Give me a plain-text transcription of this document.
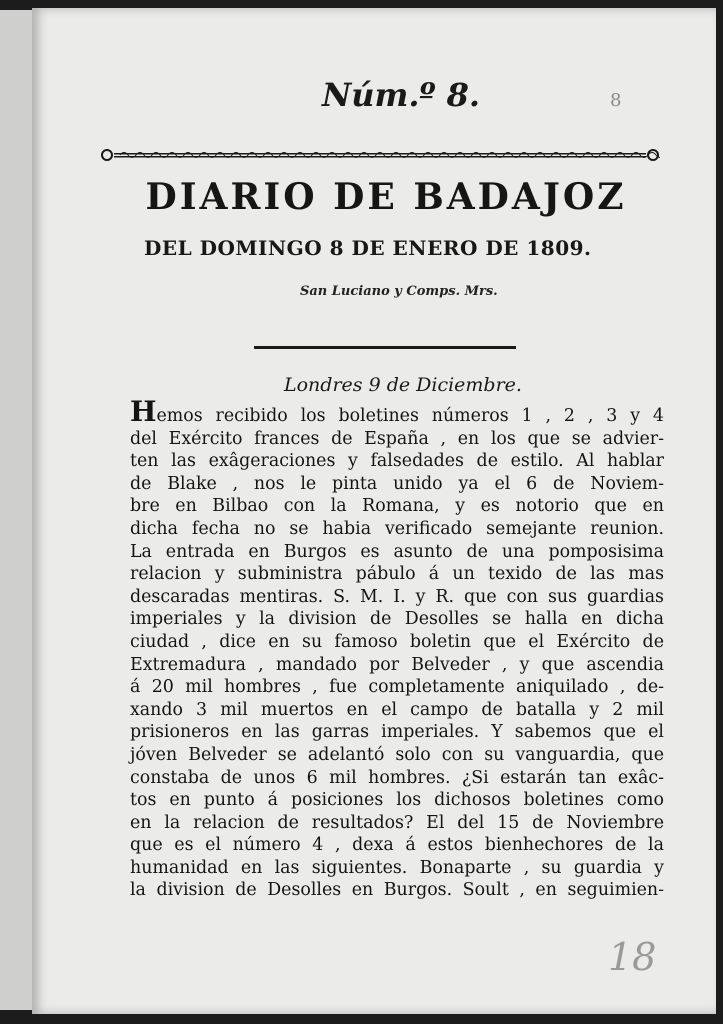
8
Núm.º 8.
DIARIO DE BADAJOZ
DEL DOMINGO 8 DE ENERO DE 1809.
San Luciano y Comps. Mrs.
Londres 9 de Diciembre.
Hemos recibido los boletines números 1 , 2 , 3 y 4
del Exército frances de España , en los que se advier-
ten las exâgeraciones y falsedades de estilo. Al hablar
de Blake , nos le pinta unido ya el 6 de Noviem-
bre en Bilbao con la Romana, y es notorio que en
dicha fecha no se habia verificado semejante reunion.
La entrada en Burgos es asunto de una pomposisima
relacion y subministra pábulo á un texido de las mas
descaradas mentiras. S. M. I. y R. que con sus guardias
imperiales y la division de Desolles se halla en dicha
ciudad , dice en su famoso boletin que el Exército de
Extremadura , mandado por Belveder , y que ascendia
á 20 mil hombres , fue completamente aniquilado , de-
xando 3 mil muertos en el campo de batalla y 2 mil
prisioneros en las garras imperiales. Y sabemos que el
jóven Belveder se adelantó solo con su vanguardia, que
constaba de unos 6 mil hombres. ¿Si estarán tan exâc-
tos en punto á posiciones los dichosos boletines como
en la relacion de resultados? El del 15 de Noviembre
que es el número 4 , dexa á estos bienhechores de la
humanidad en las siguientes. Bonaparte , su guardia y
la division de Desolles en Burgos. Soult , en seguimien-
18
